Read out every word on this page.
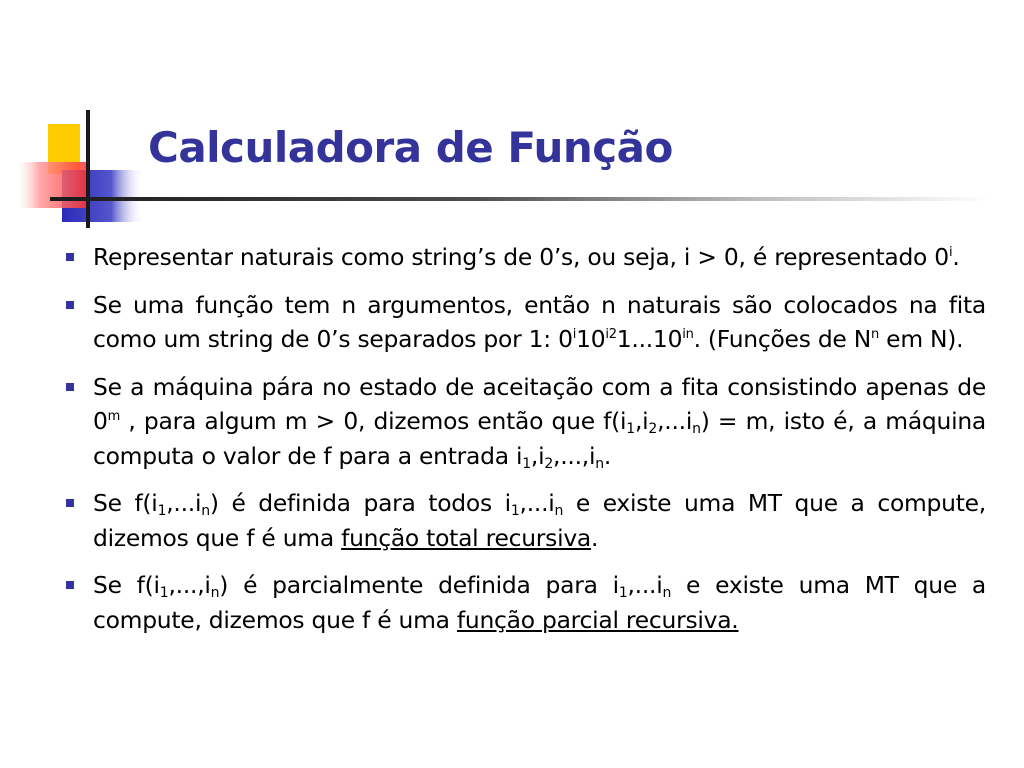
Calculadora de Função
Representar naturais como string’s de 0’s, ou seja, i > 0, é representado 0$^i$.
Se uma função tem n argumentos, então n naturais são colocados na fita como um string de 0’s separados por 1: $0^i10^{i2}1...10^{in}$. (Funções de $N^n$ em N).
Se a máquina pára no estado de aceitação com a fita consistindo apenas de 0$^m$ , para algum m > 0, dizemos então que $f(i_1,i_2,...i_n) = m$, isto é, a máquina computa o valor de f para a entrada $i_1,i_2,...,i_n$.
Se $f(i_1,...i_n)$ é definida para todos $i_1,...i_n$ e existe uma MT que a compute, dizemos que f é uma função total recursiva.
Se $f(i_1,...,i_n)$ é parcialmente definida para $i_1,...i_n$ e existe uma MT que a compute, dizemos que f é uma função parcial recursiva.
